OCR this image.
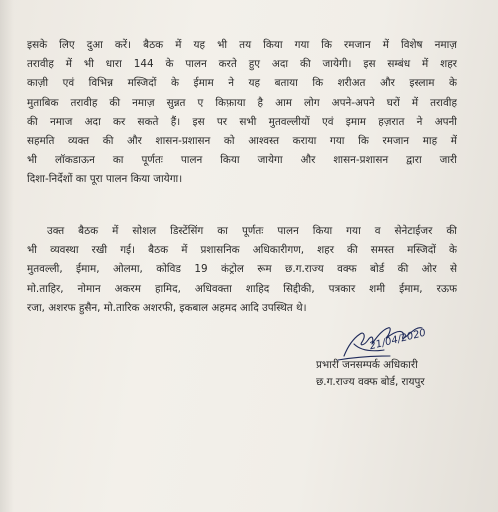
इसके लिए दुआ करें। बैठक में यह भी तय किया गया कि रमजान में विशेष नमाज़
तरावीह में भी धारा 144 के पालन करते हुए अदा की जायेगी। इस सम्बंध में शहर
काज़ी एवं विभिन्न मस्जिदों के ईमाम ने यह बताया कि शरीअत और इस्लाम के
मुताबिक तरावीह की नमाज़ सुन्नत ए किफ़ाया है आम लोग अपने-अपने घरों में तरावीह
की नमाज अदा कर सकते हैं। इस पर सभी मुतवल्लीयों एवं इमाम हज़रात ने अपनी
सहमति व्यक्त की और शासन-प्रशासन को आश्वस्त कराया गया कि रमजान माह में
भी लॉकडाऊन का पूर्णतः पालन किया जायेगा और शासन-प्रशासन द्वारा जारी
दिशा-निर्देशों का पूरा पालन किया जायेगा।
उक्त बैठक में सोशल डिस्टेंसिंग का पूर्णतः पालन किया गया व सेनेटाईजर की
भी व्यवस्था रखी गई। बैठक में प्रशासनिक अधिकारीगण, शहर की समस्त मस्जिदों के
मुतवल्ली, ईमाम, ओलमा, कोविड 19 कंट्रोल रूम छ.ग.राज्य वक्फ बोर्ड की ओर से
मो.ताहिर, नोमान अकरम हामिद, अधिवक्ता शाहिद सिद्दीकी, पत्रकार शमी ईमाम, रऊफ
रजा, अशरफ हुसैन, मो.तारिक अशरफी, इकबाल अहमद आदि उपस्थित थे।
21/04/2020
प्रभारी जनसम्पर्क अधिकारी
छ.ग.राज्य वक्फ बोर्ड, रायपुर
